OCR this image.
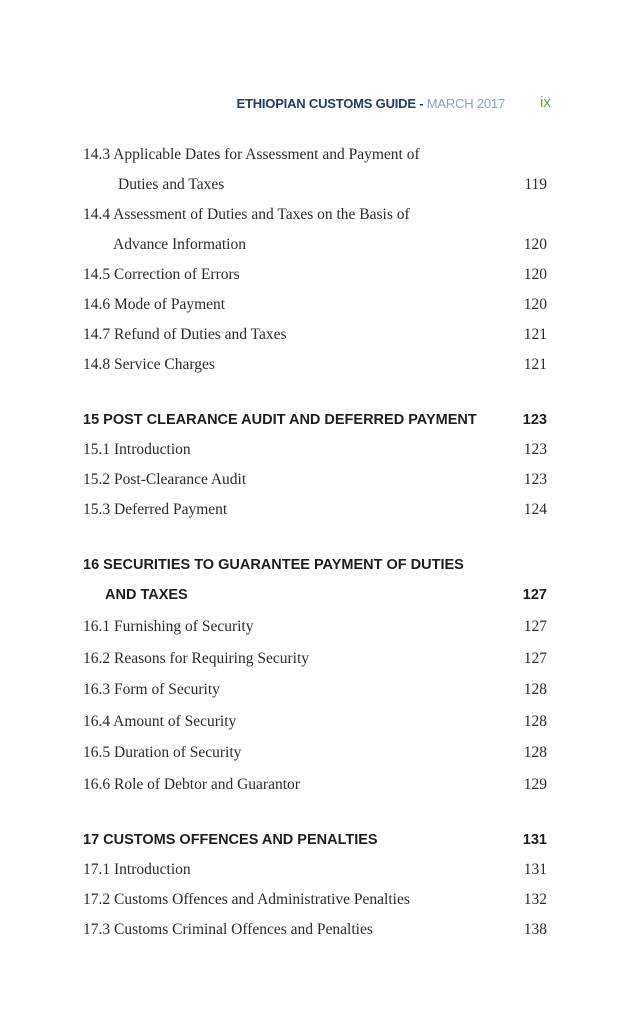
ETHIOPIAN CUSTOMS GUIDE - MARCH 2017 ix
14.3 Applicable Dates for Assessment and Payment of
Duties and Taxes	119
14.4 Assessment of Duties and Taxes on the Basis of
Advance Information	120
14.5 Correction of Errors	120
14.6 Mode of Payment	120
14.7 Refund of Duties and Taxes	121
14.8 Service Charges	121
15 POST CLEARANCE AUDIT AND DEFERRED PAYMENT	123
15.1 Introduction	123
15.2 Post-Clearance Audit	123
15.3 Deferred Payment	124
16 SECURITIES TO GUARANTEE PAYMENT OF DUTIES
AND TAXES	127
16.1 Furnishing of Security	127
16.2 Reasons for Requiring Security	127
16.3 Form of Security	128
16.4 Amount of Security	128
16.5 Duration of Security	128
16.6 Role of Debtor and Guarantor	129
17 CUSTOMS OFFENCES AND PENALTIES	131
17.1 Introduction	131
17.2 Customs Offences and Administrative Penalties	132
17.3 Customs Criminal Offences and Penalties	138
